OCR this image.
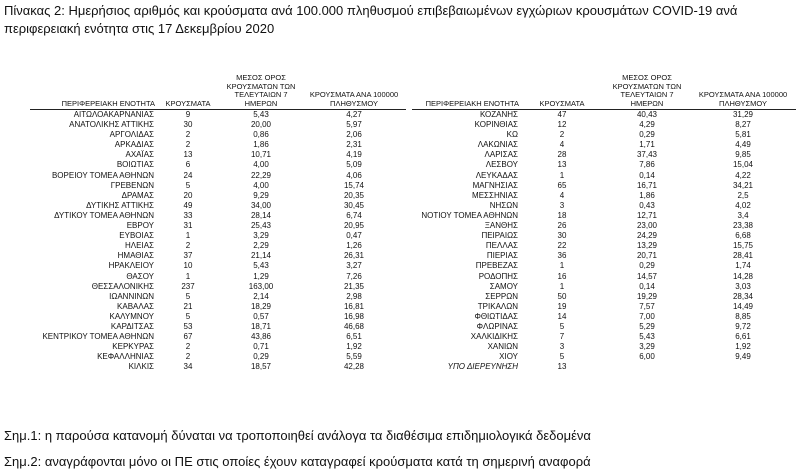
Πίνακας 2: Ημερήσιος αριθμός και κρούσματα ανά 100.000 πληθυσμού επιβεβαιωμένων εγχώριων κρουσμάτων COVID-19 ανά περιφερειακή ενότητα στις 17 Δεκεμβρίου 2020
ΠΕΡΙΦΕΡΕΙΑΚΗ ΕΝΟΤΗΤΑ	ΚΡΟΥΣΜΑΤΑ	ΜΕΣΟΣ ΟΡΟΣ ΚΡΟΥΣΜΑΤΩΝ ΤΩΝ ΤΕΛΕΥΤΑΙΩΝ 7 ΗΜΕΡΩΝ	ΚΡΟΥΣΜΑΤΑ ΑΝΑ 100000 ΠΛΗΘΥΣΜΟΥ
ΑΙΤΩΛΟΑΚΑΡΝΑΝΙΑΣ	9	5,43	4,27
ΑΝΑΤΟΛΙΚΗΣ ΑΤΤΙΚΗΣ	30	20,00	5,97
ΑΡΓΟΛΙΔΑΣ	2	0,86	2,06
ΑΡΚΑΔΙΑΣ	2	1,86	2,31
ΑΧΑΪΑΣ	13	10,71	4,19
ΒΟΙΩΤΙΑΣ	6	4,00	5,09
ΒΟΡΕΙΟΥ ΤΟΜΕΑ ΑΘΗΝΩΝ	24	22,29	4,06
ΓΡΕΒΕΝΩΝ	5	4,00	15,74
ΔΡΑΜΑΣ	20	9,29	20,35
ΔΥΤΙΚΗΣ ΑΤΤΙΚΗΣ	49	34,00	30,45
ΔΥΤΙΚΟΥ ΤΟΜΕΑ ΑΘΗΝΩΝ	33	28,14	6,74
ΕΒΡΟΥ	31	25,43	20,95
ΕΥΒΟΙΑΣ	1	3,29	0,47
ΗΛΕΙΑΣ	2	2,29	1,26
ΗΜΑΘΙΑΣ	37	21,14	26,31
ΗΡΑΚΛΕΙΟΥ	10	5,43	3,27
ΘΑΣΟΥ	1	1,29	7,26
ΘΕΣΣΑΛΟΝΙΚΗΣ	237	163,00	21,35
ΙΩΑΝΝΙΝΩΝ	5	2,14	2,98
ΚΑΒΑΛΑΣ	21	18,29	16,81
ΚΑΛΥΜΝΟΥ	5	0,57	16,98
ΚΑΡΔΙΤΣΑΣ	53	18,71	46,68
ΚΕΝΤΡΙΚΟΥ ΤΟΜΕΑ ΑΘΗΝΩΝ	67	43,86	6,51
ΚΕΡΚΥΡΑΣ	2	0,71	1,92
ΚΕΦΑΛΛΗΝΙΑΣ	2	0,29	5,59
ΚΙΛΚΙΣ	34	18,57	42,28
ΠΕΡΙΦΕΡΕΙΑΚΗ ΕΝΟΤΗΤΑ	ΚΡΟΥΣΜΑΤΑ	ΜΕΣΟΣ ΟΡΟΣ ΚΡΟΥΣΜΑΤΩΝ ΤΩΝ ΤΕΛΕΥΤΑΙΩΝ 7 ΗΜΕΡΩΝ	ΚΡΟΥΣΜΑΤΑ ΑΝΑ 100000 ΠΛΗΘΥΣΜΟΥ
ΚΟΖΑΝΗΣ	47	40,43	31,29
ΚΟΡΙΝΘΙΑΣ	12	4,29	8,27
ΚΩ	2	0,29	5,81
ΛΑΚΩΝΙΑΣ	4	1,71	4,49
ΛΑΡΙΣΑΣ	28	37,43	9,85
ΛΕΣΒΟΥ	13	7,86	15,04
ΛΕΥΚΑΔΑΣ	1	0,14	4,22
ΜΑΓΝΗΣΙΑΣ	65	16,71	34,21
ΜΕΣΣΗΝΙΑΣ	4	1,86	2,5
ΝΗΣΩΝ	3	0,43	4,02
ΝΟΤΙΟΥ ΤΟΜΕΑ ΑΘΗΝΩΝ	18	12,71	3,4
ΞΑΝΘΗΣ	26	23,00	23,38
ΠΕΙΡΑΙΩΣ	30	24,29	6,68
ΠΕΛΛΑΣ	22	13,29	15,75
ΠΙΕΡΙΑΣ	36	20,71	28,41
ΠΡΕΒΕΖΑΣ	1	0,29	1,74
ΡΟΔΟΠΗΣ	16	14,57	14,28
ΣΑΜΟΥ	1	0,14	3,03
ΣΕΡΡΩΝ	50	19,29	28,34
ΤΡΙΚΑΛΩΝ	19	7,57	14,49
ΦΘΙΩΤΙΔΑΣ	14	7,00	8,85
ΦΛΩΡΙΝΑΣ	5	5,29	9,72
ΧΑΛΚΙΔΙΚΗΣ	7	5,43	6,61
ΧΑΝΙΩΝ	3	3,29	1,92
ΧΙΟΥ	5	6,00	9,49
ΥΠΟ ΔΙΕΡΕΥΝΗΣΗ	13		
Σημ.1: η παρούσα κατανομή δύναται να τροποποιηθεί ανάλογα τα διαθέσιμα επιδημιολογικά δεδομένα
Σημ.2: αναγράφονται μόνο οι ΠΕ στις οποίες έχουν καταγραφεί κρούσματα κατά τη σημερινή αναφορά
